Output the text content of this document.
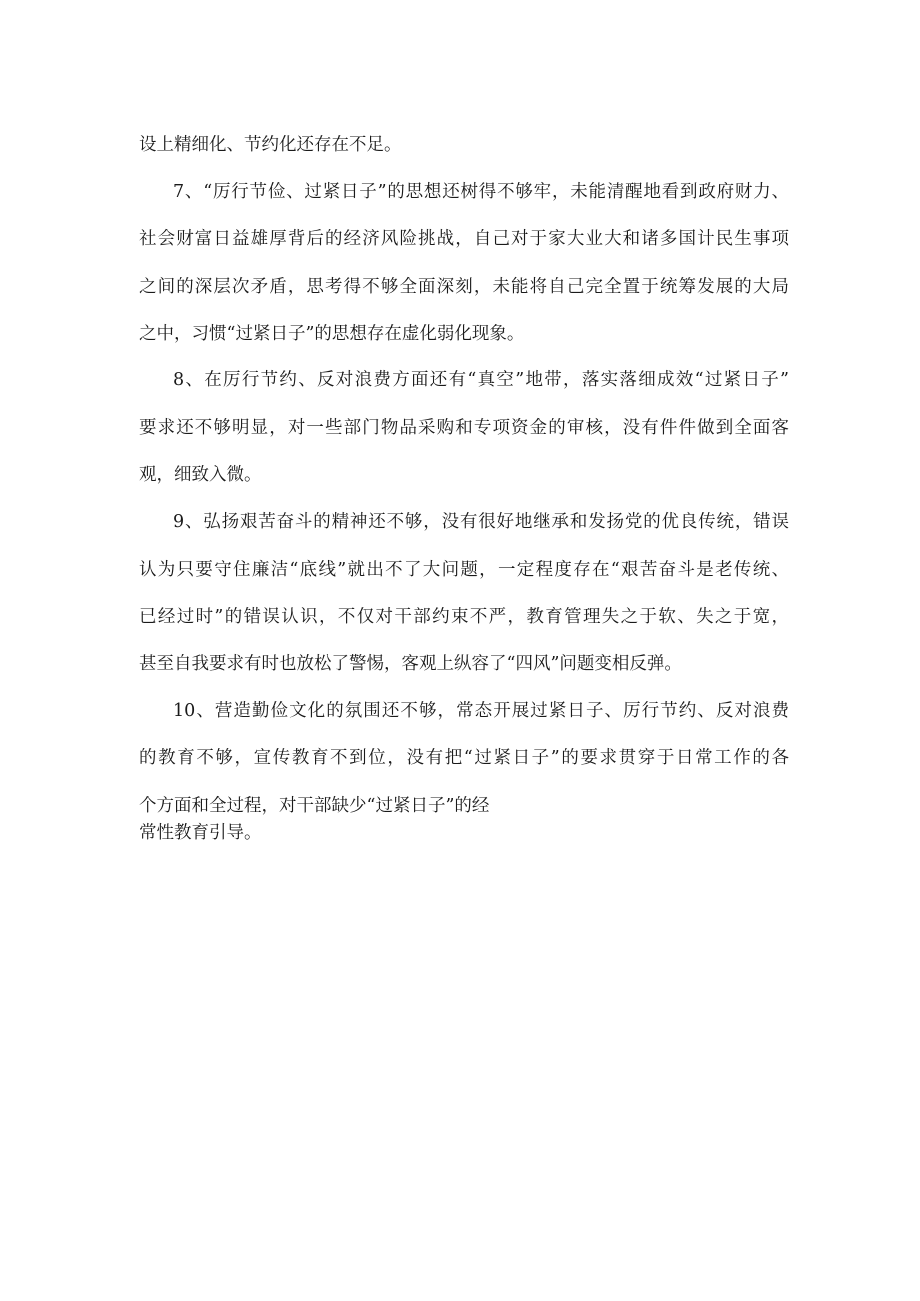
设上精细化、节约化还存在不足。
7、“厉行节俭、过紧日子”的思想还树得不够牢，未能清醒地看到政府财力、
社会财富日益雄厚背后的经济风险挑战，自己对于家大业大和诸多国计民生事项
之间的深层次矛盾，思考得不够全面深刻，未能将自己完全置于统筹发展的大局
之中，习惯“过紧日子”的思想存在虚化弱化现象。
8、在厉行节约、反对浪费方面还有“真空”地带，落实落细成效“过紧日子”
要求还不够明显，对一些部门物品采购和专项资金的审核，没有件件做到全面客
观，细致入微。
9、弘扬艰苦奋斗的精神还不够，没有很好地继承和发扬党的优良传统，错误
认为只要守住廉洁“底线”就出不了大问题，一定程度存在“艰苦奋斗是老传统、
已经过时”的错误认识，不仅对干部约束不严，教育管理失之于软、失之于宽，
甚至自我要求有时也放松了警惕，客观上纵容了“四风”问题变相反弹。
10、营造勤俭文化的氛围还不够，常态开展过紧日子、厉行节约、反对浪费
的教育不够，宣传教育不到位，没有把“过紧日子”的要求贯穿于日常工作的各
个方面和全过程，对干部缺少“过紧日子”的经
常性教育引导。
